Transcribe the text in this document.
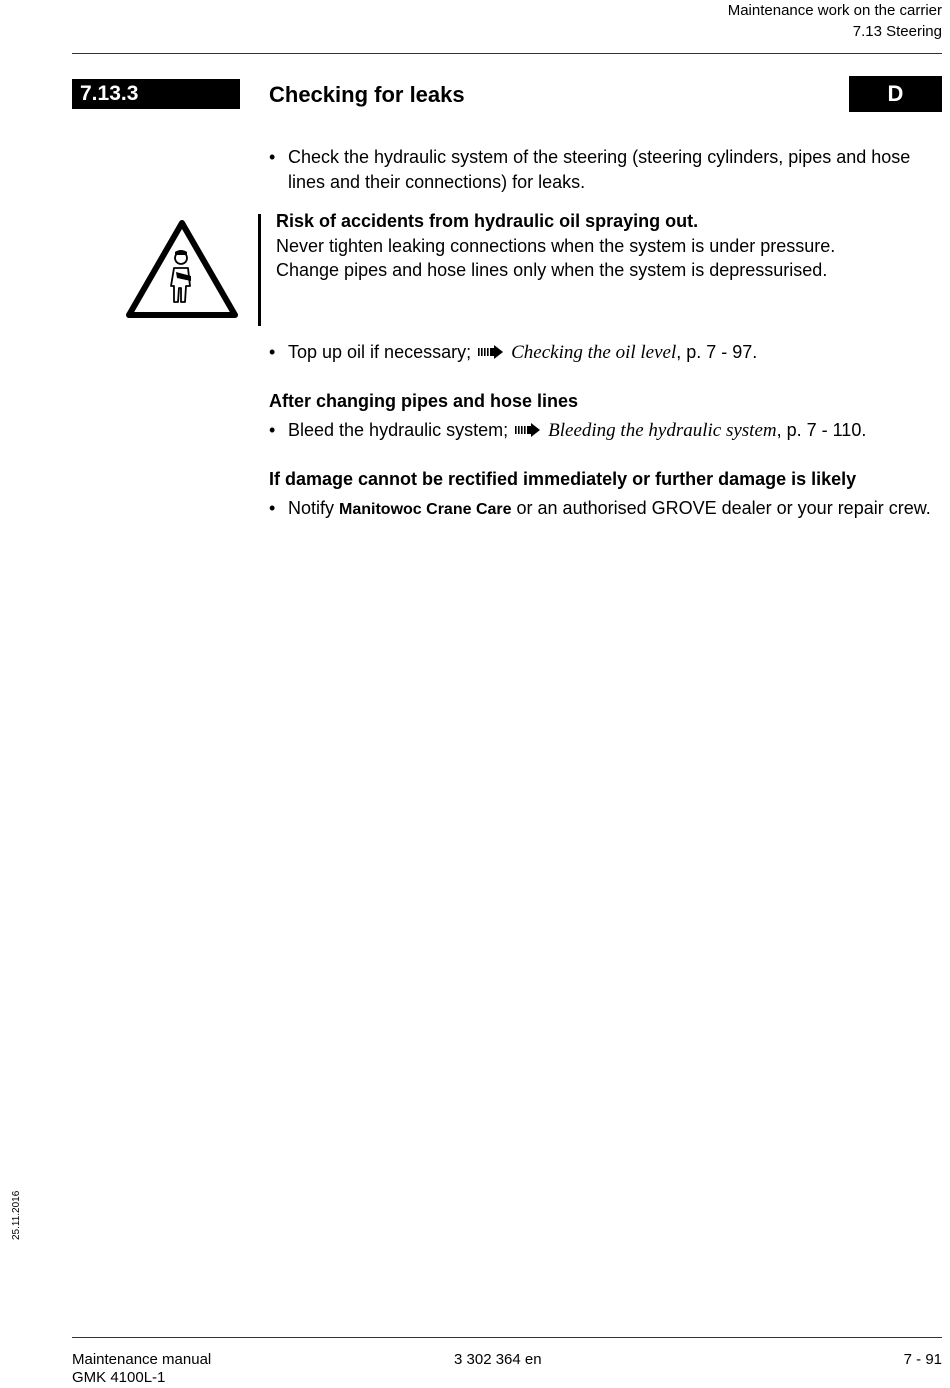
Maintenance work on the carrier
7.13 Steering
7.13.3	Checking for leaks	D
• Check the hydraulic system of the steering (steering cylinders, pipes and hose lines and their connections) for leaks.
Risk of accidents from hydraulic oil spraying out.
Never tighten leaking connections when the system is under pressure.
Change pipes and hose lines only when the system is depressurised.
• Top up oil if necessary; Checking the oil level, p. 7 - 97.
After changing pipes and hose lines
• Bleed the hydraulic system; Bleeding the hydraulic system, p. 7 - 110.
If damage cannot be rectified immediately or further damage is likely
• Notify Manitowoc Crane Care or an authorised GROVE dealer or your repair crew.
25.11.2016
Maintenance manual
GMK 4100L-1
3 302 364 en	7 - 91
